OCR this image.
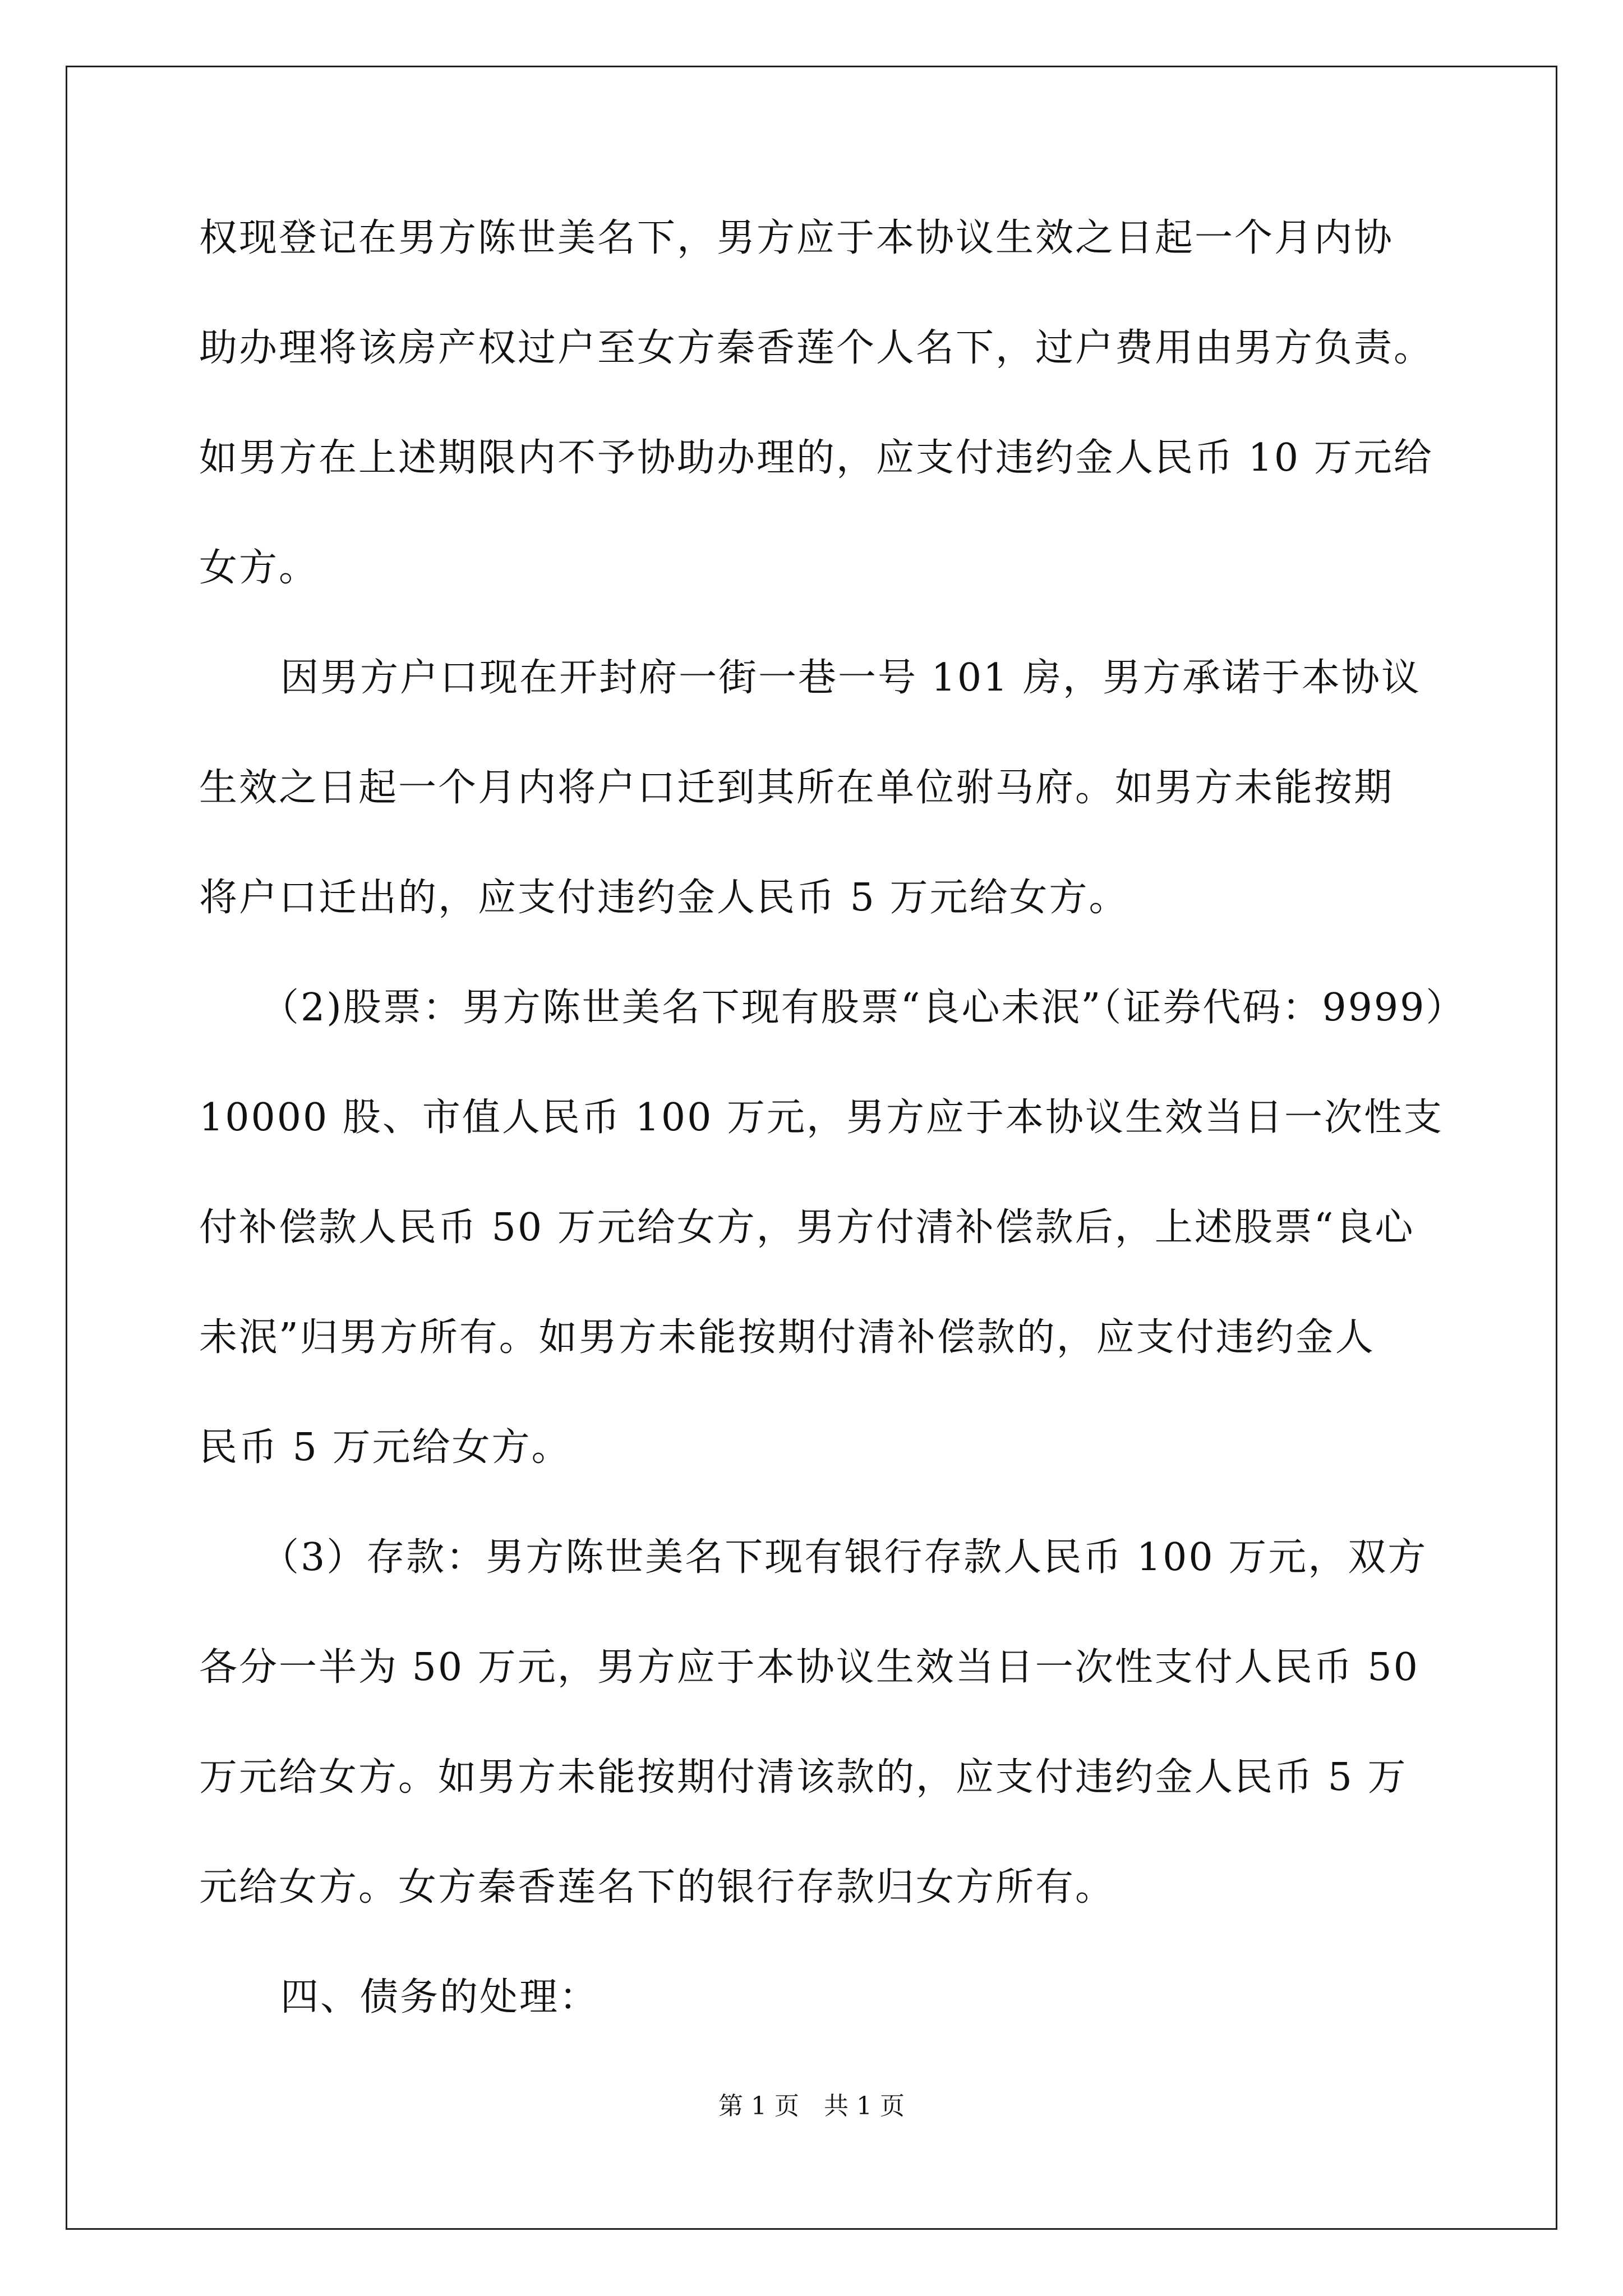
权现登记在男方陈世美名下，男方应于本协议生效之日起一个月内协
助办理将该房产权过户至女方秦香莲个人名下，过户费用由男方负责。
如男方在上述期限内不予协助办理的，应支付违约金人民币 10 万元给
女方。
因男方户口现在开封府一街一巷一号 101 房，男方承诺于本协议
生效之日起一个月内将户口迁到其所在单位驸马府。如男方未能按期
将户口迁出的，应支付违约金人民币 5 万元给女方。
（2)股票：男方陈世美名下现有股票“良心未泯”（证券代码：9999）
10000 股、市值人民币 100 万元，男方应于本协议生效当日一次性支
付补偿款人民币 50 万元给女方，男方付清补偿款后，上述股票“良心
未泯”归男方所有。如男方未能按期付清补偿款的，应支付违约金人
民币 5 万元给女方。
（3）存款：男方陈世美名下现有银行存款人民币 100 万元，双方
各分一半为 50 万元，男方应于本协议生效当日一次性支付人民币 50
万元给女方。如男方未能按期付清该款的，应支付违约金人民币 5 万
元给女方。女方秦香莲名下的银行存款归女方所有。
四、债务的处理：
第 1 页　共 1 页
